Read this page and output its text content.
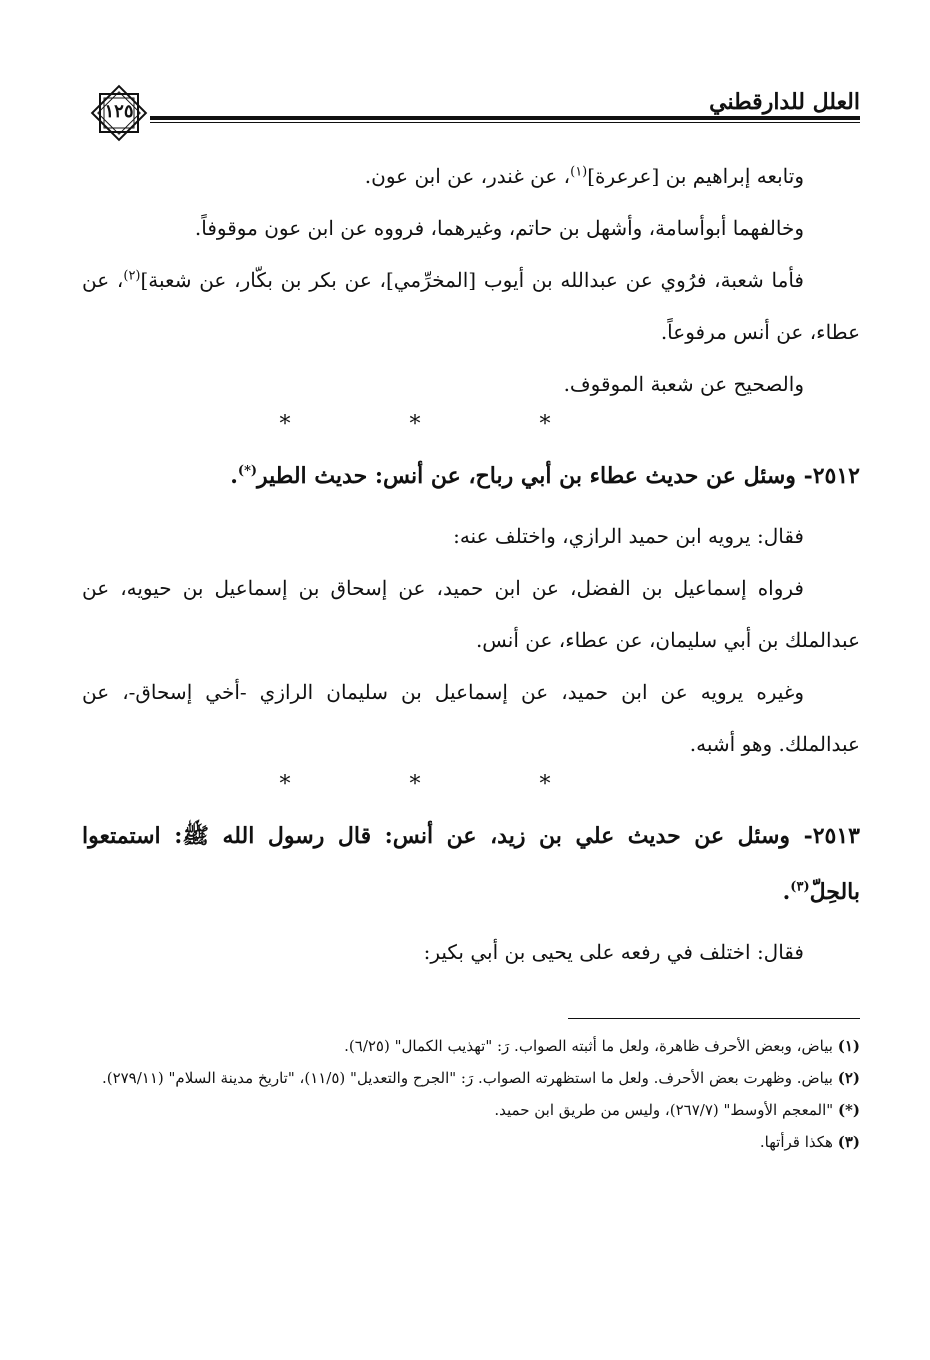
العلل للدارقطني
١٢٥

وتابعه إبراهيم بن [عرعرة]$^{(١)}$، عن غندر، عن ابن عون.

وخالفهما أبوأسامة، وأشهل بن حاتم، وغيرهما، فرووه عن ابن عون موقوفاً.

فأما شعبة، فرُوي عن عبدالله بن أيوب [المخرِّمي]، عن بكر بن بكّار، عن شعبة]$^{(٢)}$، عن عطاء، عن أنس مرفوعاً.

والصحيح عن شعبة الموقوف.

* * *

٢٥١٢- وسئل عن حديث عطاء بن أبي رباح، عن أنس: حديث الطير(*).

فقال: يرويه ابن حميد الرازي، واختلف عنه:

فرواه إسماعيل بن الفضل، عن ابن حميد، عن إسحاق بن إسماعيل بن حيويه، عن عبدالملك بن أبي سليمان، عن عطاء، عن أنس.

وغيره يرويه عن ابن حميد، عن إسماعيل بن سليمان الرازي -أخي إسحاق-، عن عبدالملك. وهو أشبه.

* * *

٢٥١٣- وسئل عن حديث علي بن زيد، عن أنس: قال رسول الله ﷺ: استمتعوا بالحِلّ$^{(٣)}$.

فقال: اختلف في رفعه على يحيى بن أبي بكير:

(١) بياض، وبعض الأحرف ظاهرة، ولعل ما أثبته الصواب. رَ: "تهذيب الكمال" (٦/٢٥).

(٢) بياض. وظهرت بعض الأحرف. ولعل ما استظهرته الصواب. رَ: "الجرح والتعديل" (١١/٥)، "تاريخ مدينة السلام" (٢٧٩/١١).

(*) "المعجم الأوسط" (٢٦٧/٧)، وليس من طريق ابن حميد.

(٣) هكذا قرأتها.
